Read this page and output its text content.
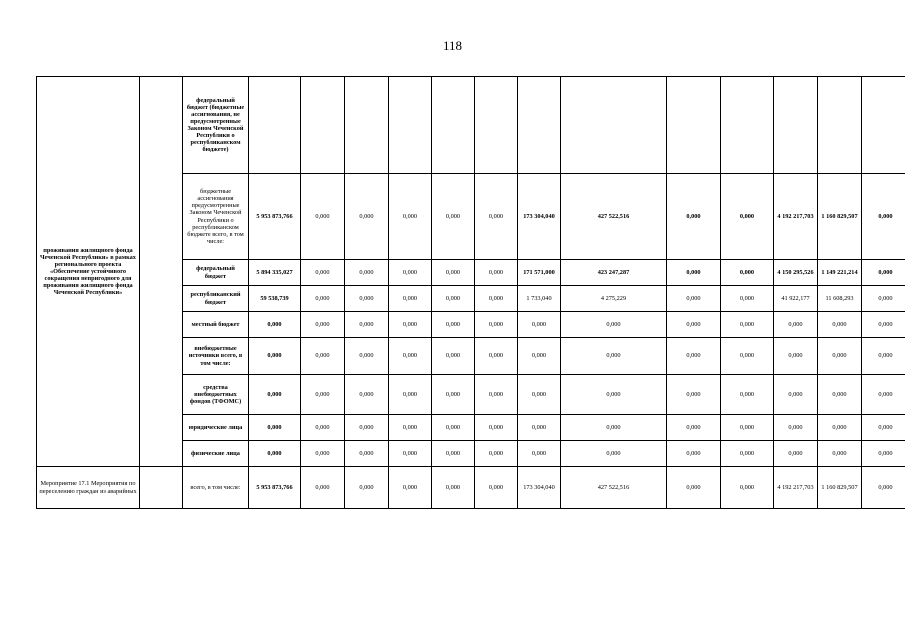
118
проживания жилищного фонда Чеченской Республики» в рамках регионального проекта «Обеспечение устойчивого сокращения непригодного для проживания жилищного фонда Чеченской Республики»		федеральный бюджет (бюджетные ассигнования, не предусмотренные Законом Чеченской Республики о республиканском бюджете)														
		бюджетные ассигнования предусмотренные Законом Чеченской Республики о республиканском бюджете всего, в том числе:	5 953 873,766	0,000	0,000	0,000	0,000	0,000	173 304,040	427 522,516	0,000	0,000	4 192 217,703	1 160 829,507	0,000	
		федеральный бюджет	5 894 335,027	0,000	0,000	0,000	0,000	0,000	171 571,000	423 247,287	0,000	0,000	4 150 295,526	1 149 221,214	0,000	
		республиканский бюджет	59 538,739	0,000	0,000	0,000	0,000	0,000	1 733,040	4 275,229	0,000	0,000	41 922,177	11 608,293	0,000	
		местный бюджет	0,000	0,000	0,000	0,000	0,000	0,000	0,000	0,000	0,000	0,000	0,000	0,000	0,000	
		внебюджетные источники всего, в том числе:	0,000	0,000	0,000	0,000	0,000	0,000	0,000	0,000	0,000	0,000	0,000	0,000	0,000	
		средства внебюджетных фондов (ТФОМС)	0,000	0,000	0,000	0,000	0,000	0,000	0,000	0,000	0,000	0,000	0,000	0,000	0,000	
		юридические лица	0,000	0,000	0,000	0,000	0,000	0,000	0,000	0,000	0,000	0,000	0,000	0,000	0,000	
		физические лица	0,000	0,000	0,000	0,000	0,000	0,000	0,000	0,000	0,000	0,000	0,000	0,000	0,000	
Мероприятие 17.1 Мероприятия по переселению граждан из аварийных		всего, в том числе:	5 953 873,766	0,000	0,000	0,000	0,000	0,000	173 304,040	427 522,516	0,000	0,000	4 192 217,703	1 160 829,507	0,000	
